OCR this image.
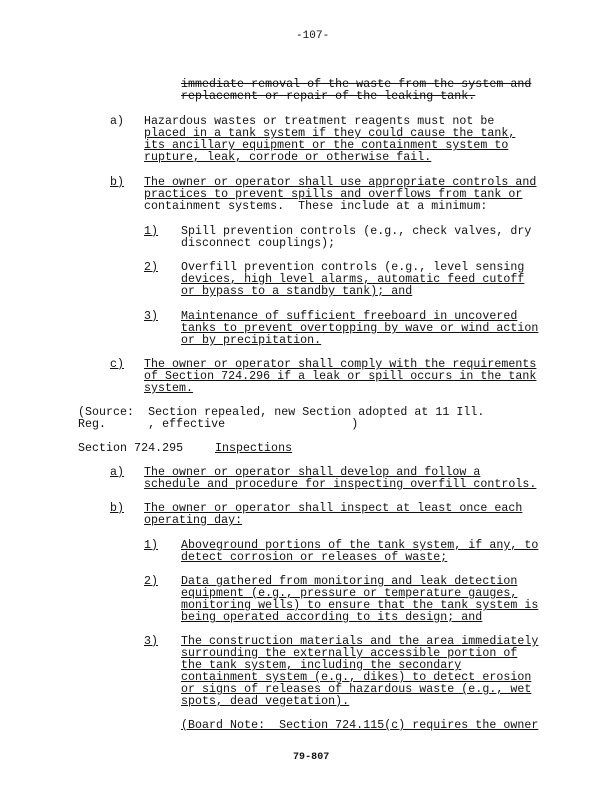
-107-
immediate removal of the waste from the system and
replacement or repair of the leaking tank.
a) Hazardous wastes or treatment reagents must not be
placed in a tank system if they could cause the tank,
its ancillary equipment or the containment system to
rupture, leak, corrode or otherwise fail.
b) The owner or operator shall use appropriate controls and
practices to prevent spills and overflows from tank or
containment systems.  These include at a minimum:
1) Spill prevention controls (e.g., check valves, dry
disconnect couplings);
2) Overfill prevention controls (e.g., level sensing
devices, high level alarms, automatic feed cutoff
or bypass to a standby tank); and
3) Maintenance of sufficient freeboard in uncovered
tanks to prevent overtopping by wave or wind action
or by precipitation.
c) The owner or operator shall comply with the requirements
of Section 724.296 if a leak or spill occurs in the tank
system.
(Source:  Section repealed, new Section adopted at 11 Ill.
Reg.      , effective                  )
Section 724.295	Inspections
a) The owner or operator shall develop and follow a
schedule and procedure for inspecting overfill controls.
b) The owner or operator shall inspect at least once each
operating day:
1) Aboveground portions of the tank system, if any, to
detect corrosion or releases of waste;
2) Data gathered from monitoring and leak detection
equipment (e.g., pressure or temperature gauges,
monitoring wells) to ensure that the tank system is
being operated according to its design; and
3) The construction materials and the area immediately
surrounding the externally accessible portion of
the tank system, including the secondary
containment system (e.g., dikes) to detect erosion
or signs of releases of hazardous waste (e.g., wet
spots, dead vegetation).
(Board Note:  Section 724.115(c) requires the owner
79-807
